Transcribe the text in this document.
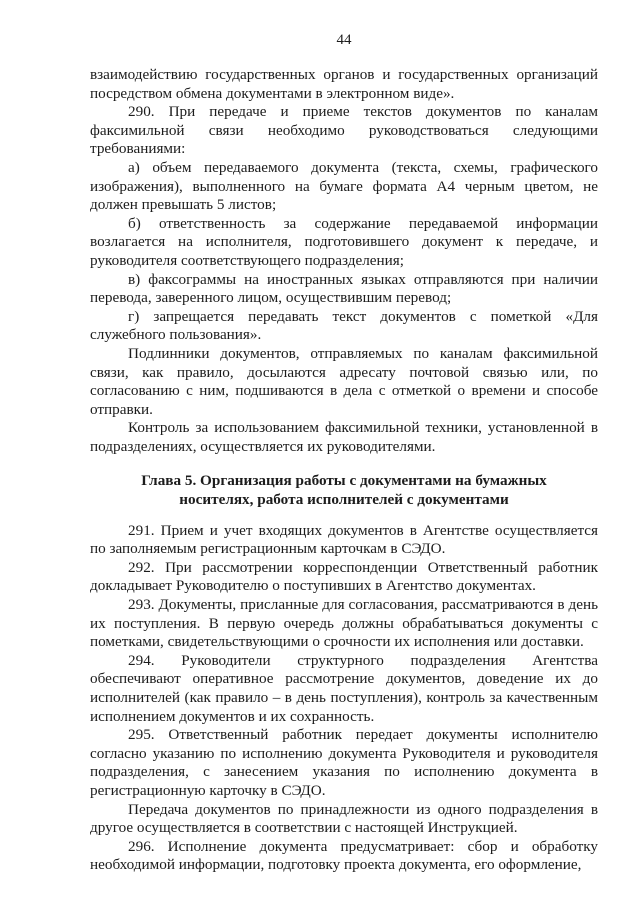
44

взаимодействию государственных органов и государственных организаций посредством обмена документами в электронном виде».

290. При передаче и приеме текстов документов по каналам факсимильной связи необходимо руководствоваться следующими требованиями:

а) объем передаваемого документа (текста, схемы, графического изображения), выполненного на бумаге формата А4 черным цветом, не должен превышать 5 листов;

б) ответственность за содержание передаваемой информации возлагается на исполнителя, подготовившего документ к передаче, и руководителя соответствующего подразделения;

в) факсограммы на иностранных языках отправляются при наличии перевода, заверенного лицом, осуществившим перевод;

г) запрещается передавать текст документов с пометкой «Для служебного пользования».

Подлинники документов, отправляемых по каналам факсимильной связи, как правило, досылаются адресату почтовой связью или, по согласованию с ним, подшиваются в дела с отметкой о времени и способе отправки.

Контроль за использованием факсимильной техники, установленной в подразделениях, осуществляется их руководителями.

Глава 5. Организация работы с документами на бумажных носителях, работа исполнителей с документами

291. Прием и учет входящих документов в Агентстве осуществляется по заполняемым регистрационным карточкам в СЭДО.

292. При рассмотрении корреспонденции Ответственный работник докладывает Руководителю о поступивших в Агентство документах.

293. Документы, присланные для согласования, рассматриваются в день их поступления. В первую очередь должны обрабатываться документы с пометками, свидетельствующими о срочности их исполнения или доставки.

294. Руководители структурного подразделения Агентства обеспечивают оперативное рассмотрение документов, доведение их до исполнителей (как правило – в день поступления), контроль за качественным исполнением документов и их сохранность.

295. Ответственный работник передает документы исполнителю согласно указанию по исполнению документа Руководителя и руководителя подразделения, с занесением указания по исполнению документа в регистрационную карточку в СЭДО.

Передача документов по принадлежности из одного подразделения в другое осуществляется в соответствии с настоящей Инструкцией.

296. Исполнение документа предусматривает: сбор и обработку необходимой информации, подготовку проекта документа, его оформление,
